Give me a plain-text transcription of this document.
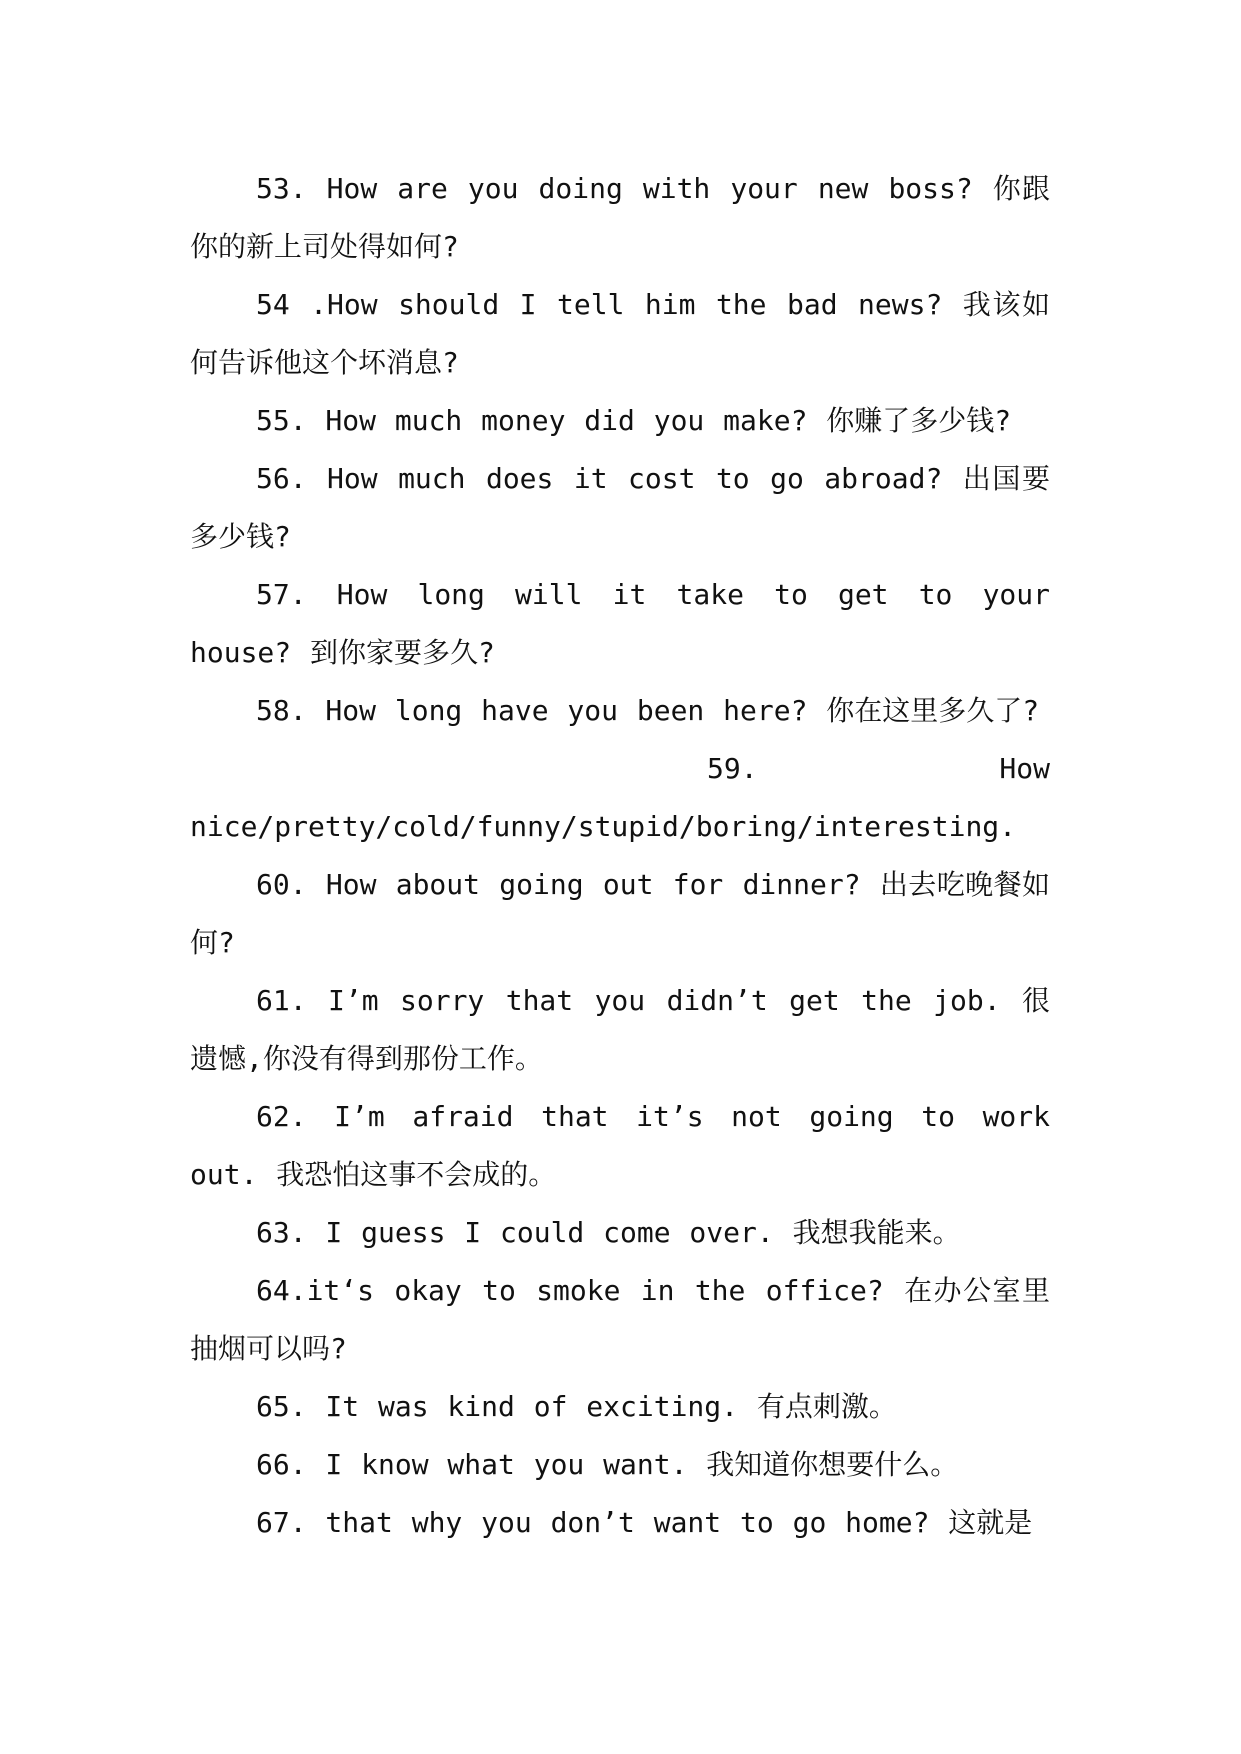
53. How are you doing with your new boss? 你跟你的新上司处得如何?

54 .How should I tell him the bad news? 我该如何告诉他这个坏消息?

55. How much money did you make? 你赚了多少钱?

56. How much does it cost to go abroad? 出国要多少钱?

57. How long will it take to get to your house? 到你家要多久?

58. How long have you been here? 你在这里多久了?

59.	How
nice/pretty/cold/funny/stupid/boring/interesting.

60. How about going out for dinner? 出去吃晚餐如何?

61. I’m sorry that you didn’t get the job. 很遗憾,你没有得到那份工作。

62. I’m afraid that it’s not going to work out. 我恐怕这事不会成的。

63. I guess I could come over. 我想我能来。

64.it‘s okay to smoke in the office? 在办公室里抽烟可以吗?

65. It was kind of exciting. 有点刺激。

66. I know what you want. 我知道你想要什么。

67. that why you don’t want to go home? 这就是
